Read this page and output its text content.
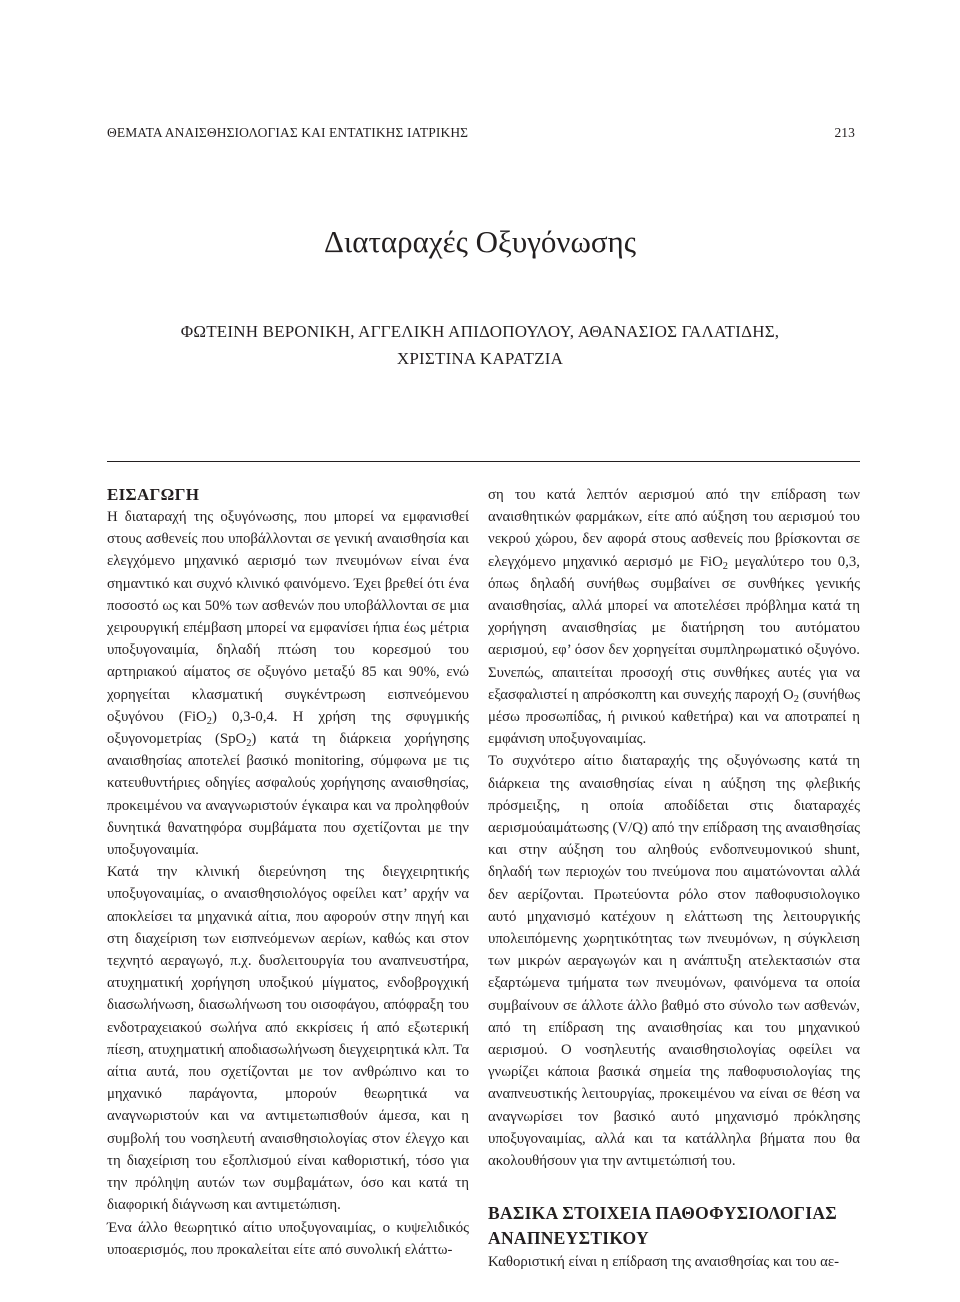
ΘΕΜΑΤΑ ΑΝΑΙΣΘΗΣΙΟΛΟΓΙΑΣ ΚΑΙ ΕΝΤΑΤΙΚΗΣ ΙΑΤΡΙΚΗΣ	213
Διαταραχές Οξυγόνωσης
ΦΩΤΕΙΝΗ ΒΕΡΟΝΙΚΗ, ΑΓΓΕΛΙΚΗ ΑΠΙΔΟΠΟΥΛΟΥ, ΑΘΑΝΑΣΙΟΣ ΓΑΛΑΤΙΔΗΣ,
ΧΡΙΣΤΙΝΑ ΚΑΡΑΤΖΙΑ
ΕΙΣΑΓΩΓΗ

Η διαταραχή της οξυγόνωσης, που μπορεί να εμφανισθεί στους ασθενείς που υποβάλλονται σε γενική αναισθησία και ελεγχόμενο μηχανικό αερισμό των πνευμόνων είναι ένα σημαντικό και συχνό κλινικό φαινόμενο. Έχει βρεθεί ότι ένα ποσοστό ως και 50% των ασθενών που υποβάλλονται σε μια χειρουργική επέμβαση μπορεί να εμφανίσει ήπια έως μέτρια υποξυγοναιμία, δηλαδή πτώση του κορεσμού του αρτηριακού αίματος σε οξυγόνο μεταξύ 85 και 90%, ενώ χορηγείται κλασματική συγκέντρωση εισπνεόμενου οξυγόνου (FiO$_2$) 0,3-0,4. Η χρήση της σφυγμικής οξυγονομετρίας (SpO$_2$) κατά τη διάρκεια χορήγησης αναισθησίας αποτελεί βασικό monitoring, σύμφωνα με τις κατευθυντήριες οδηγίες ασφαλούς χορήγησης αναισθησίας, προκειμένου να αναγνωριστούν έγκαιρα και να προληφθούν δυνητικά θανατηφόρα συμβάματα που σχετίζονται με την υποξυγοναιμία.

Κατά την κλινική διερεύνηση της διεγχειρητικής υποξυγοναιμίας, ο αναισθησιολόγος οφείλει κατ’ αρχήν να αποκλείσει τα μηχανικά αίτια, που αφορούν στην πηγή και στη διαχείριση των εισπνεόμενων αερίων, καθώς και στον τεχνητό αεραγωγό, π.χ. δυσλειτουργία του αναπνευστήρα, ατυχηματική χορήγηση υποξικού μίγματος, ενδοβρογχική διασωλήνωση, διασωλήνωση του οισοφάγου, απόφραξη του ενδοτραχειακού σωλήνα από εκκρίσεις ή από εξωτερική πίεση, ατυχηματική αποδιασωλήνωση διεγχειρητικά κλπ. Τα αίτια αυτά, που σχετίζονται με τον ανθρώπινο και το μηχανικό παράγοντα, μπορούν θεωρητικά να αναγνωριστούν και να αντιμετωπισθούν άμεσα, και η συμβολή του νοσηλευτή αναισθησιολογίας στον έλεγχο και τη διαχείριση του εξοπλισμού είναι καθοριστική, τόσο για την πρόληψη αυτών των συμβαμάτων, όσο και κατά τη διαφορική διάγνωση και αντιμετώπιση.

Ένα άλλο θεωρητικό αίτιο υποξυγοναιμίας, ο κυψελιδικός υποαερισμός, που προκαλείται είτε από συνολική ελάττω-

ση του κατά λεπτόν αερισμού από την επίδραση των αναισθητικών φαρμάκων, είτε από αύξηση του αερισμού του νεκρού χώρου, δεν αφορά στους ασθενείς που βρίσκονται σε ελεγχόμενο μηχανικό αερισμό με FiO$_2$ μεγαλύτερο του 0,3, όπως δηλαδή συνήθως συμβαίνει σε συνθήκες γενικής αναισθησίας, αλλά μπορεί να αποτελέσει πρόβλημα κατά τη χορήγηση αναισθησίας με διατήρηση του αυτόματου αερισμού, εφ’ όσον δεν χορηγείται συμπληρωματικό οξυγόνο. Συνεπώς, απαιτείται προσοχή στις συνθήκες αυτές για να εξασφαλιστεί η απρόσκοπτη και συνεχής παροχή $O_2$ (συνήθως μέσω προσωπίδας, ή ρινικού καθετήρα) και να αποτραπεί η εμφάνιση υποξυγοναιμίας.

Το συχνότερο αίτιο διαταραχής της οξυγόνωσης κατά τη διάρκεια της αναισθησίας είναι η αύξηση της φλεβικής πρόσμειξης, η οποία αποδίδεται στις διαταραχές αερισμούαιμάτωσης (V/Q) από την επίδραση της αναισθησίας και στην αύξηση του αληθούς ενδοπνευμονικού shunt, δηλαδή των περιοχών του πνεύμονα που αιματώνονται αλλά δεν αερίζονται. Πρωτεύοντα ρόλο στον παθοφυσιολογικο αυτό μηχανισμό κατέχουν η ελάττωση της λειτουργικής υπολειπόμενης χωρητικότητας των πνευμόνων, η σύγκλειση των μικρών αεραγωγών και η ανάπτυξη ατελεκτασιών στα εξαρτώμενα τμήματα των πνευμόνων, φαινόμενα τα οποία συμβαίνουν σε άλλοτε άλλο βαθμό στο σύνολο των ασθενών, από τη επίδραση της αναισθησίας και του μηχανικού αερισμού. Ο νοσηλευτής αναισθησιολογίας οφείλει να γνωρίζει κάποια βασικά σημεία της παθοφυσιολογίας της αναπνευστικής λειτουργίας, προκειμένου να είναι σε θέση να αναγνωρίσει τον βασικό αυτό μηχανισμό πρόκλησης υποξυγοναιμίας, αλλά και τα κατάλληλα βήματα που θα ακολουθήσουν για την αντιμετώπισή του.

ΒΑΣΙΚΑ ΣΤΟΙΧΕΙΑ ΠΑΘΟΦΥΣΙΟΛΟΓΙΑΣ ΑΝΑΠΝΕΥΣΤΙΚΟΥ

Καθοριστική είναι η επίδραση της αναισθησίας και του αε-
